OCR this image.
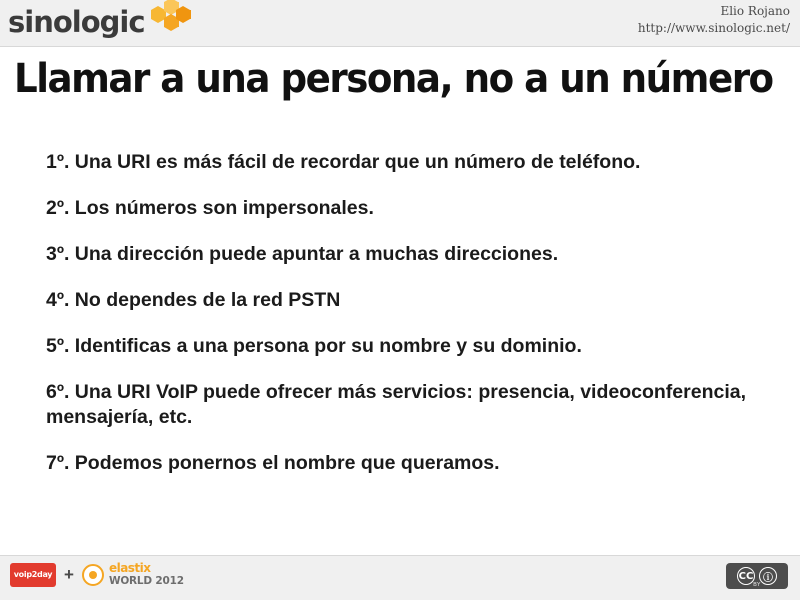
sinologic	Elio Rojano
http://www.sinologic.net/
Llamar a una persona, no a un número
1º. Una URI es más fácil de recordar que un número de teléfono.
2º. Los números son impersonales.
3º. Una dirección puede apuntar a muchas direcciones.
4º. No dependes de la red PSTN
5º. Identificas a una persona por su nombre y su dominio.
6º. Una URI VoIP puede ofrecer más servicios: presencia, videoconferencia, mensajería, etc.
7º. Podemos ponernos el nombre que queramos.
voip2day +	elastix
WORLD 2012	CC ⓘ
BY
